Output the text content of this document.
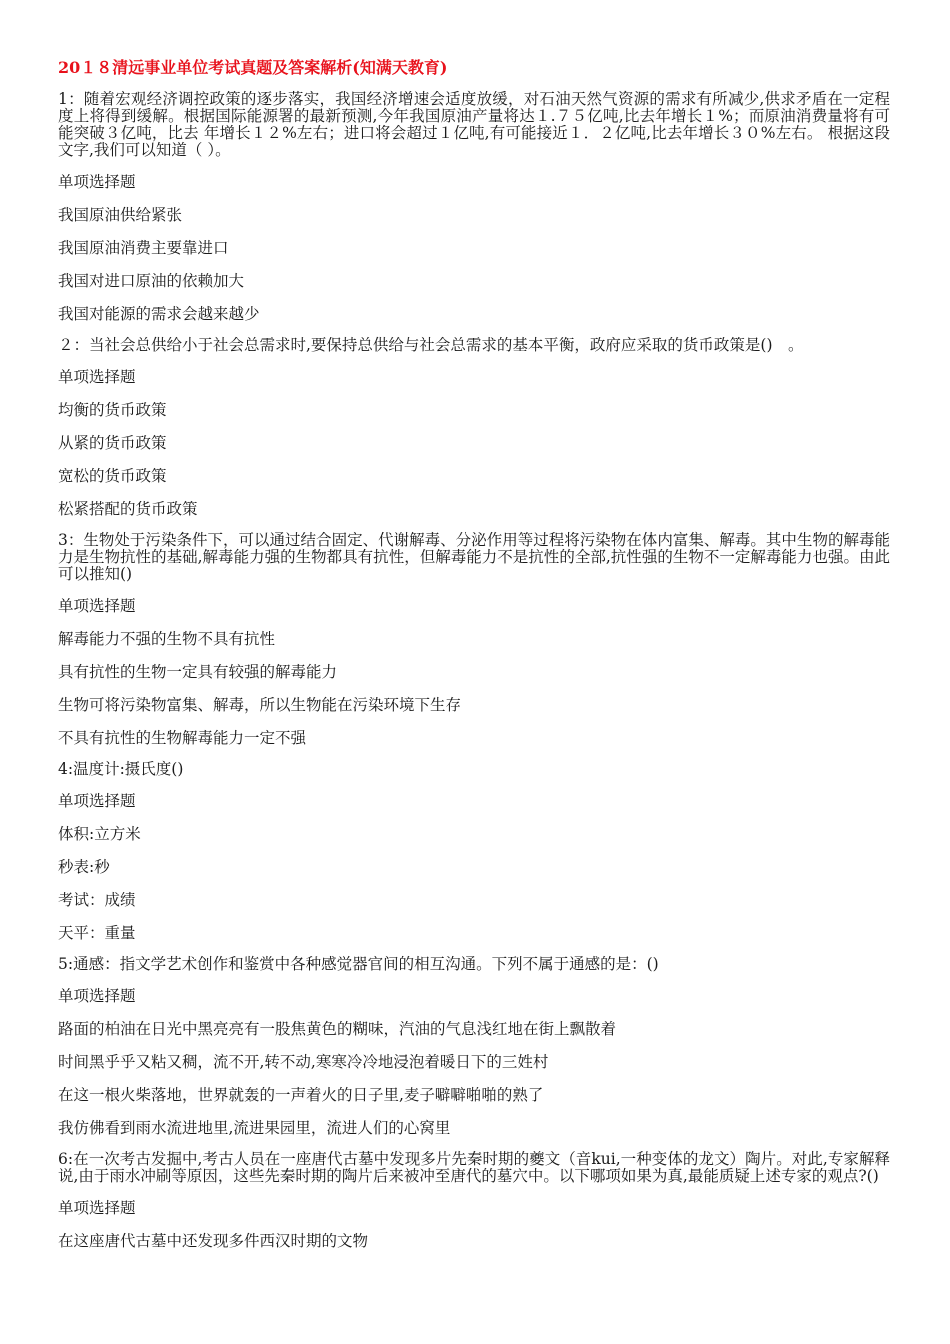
20１８清远事业单位考试真题及答案解析(知满天教育)
1：随着宏观经济调控政策的逐步落实，我国经济增速会适度放缓，对石油天然气资源的需求有所减少,供求矛盾在一定程度上将得到缓解。根据国际能源署的最新预测,今年我国原油产量将达１.７５亿吨,比去年增长１%；而原油消费量将有可能突破３亿吨，比去 年增长１２%左右；进口将会超过１亿吨,有可能接近１．２亿吨,比去年增长３０%左右。 根据这段文字,我们可以知道（ ）。
单项选择题
我国原油供给紧张
我国原油消费主要靠进口
我国对进口原油的依赖加大
我国对能源的需求会越来越少
２：当社会总供给小于社会总需求时,要保持总供给与社会总需求的基本平衡，政府应采取的货币政策是()　。
单项选择题
均衡的货币政策
从紧的货币政策
宽松的货币政策
松紧搭配的货币政策
3：生物处于污染条件下，可以通过结合固定、代谢解毒、分泌作用等过程将污染物在体内富集、解毒。其中生物的解毒能力是生物抗性的基础,解毒能力强的生物都具有抗性，但解毒能力不是抗性的全部,抗性强的生物不一定解毒能力也强。由此可以推知()
单项选择题
解毒能力不强的生物不具有抗性
具有抗性的生物一定具有较强的解毒能力
生物可将污染物富集、解毒，所以生物能在污染环境下生存
不具有抗性的生物解毒能力一定不强
4:温度计:摄氏度()
单项选择题
体积:立方米
秒表:秒
考试：成绩
天平：重量
5:通感：指文学艺术创作和鉴赏中各种感觉器官间的相互沟通。下列不属于通感的是：()
单项选择题
路面的柏油在日光中黑亮亮有一股焦黄色的糊味，汽油的气息浅红地在街上飘散着
时间黑乎乎又粘又稠，流不开,转不动,寒寒冷冷地浸泡着暖日下的三姓村
在这一根火柴落地，世界就轰的一声着火的日子里,麦子噼噼啪啪的熟了
我仿佛看到雨水流进地里,流进果园里，流进人们的心窝里
6:在一次考古发掘中,考古人员在一座唐代古墓中发现多片先秦时期的夔文（音kui,一种变体的龙文）陶片。对此,专家解释说,由于雨水冲刷等原因，这些先秦时期的陶片后来被冲至唐代的墓穴中。以下哪项如果为真,最能质疑上述专家的观点?()
单项选择题
在这座唐代古墓中还发现多件西汉时期的文物
